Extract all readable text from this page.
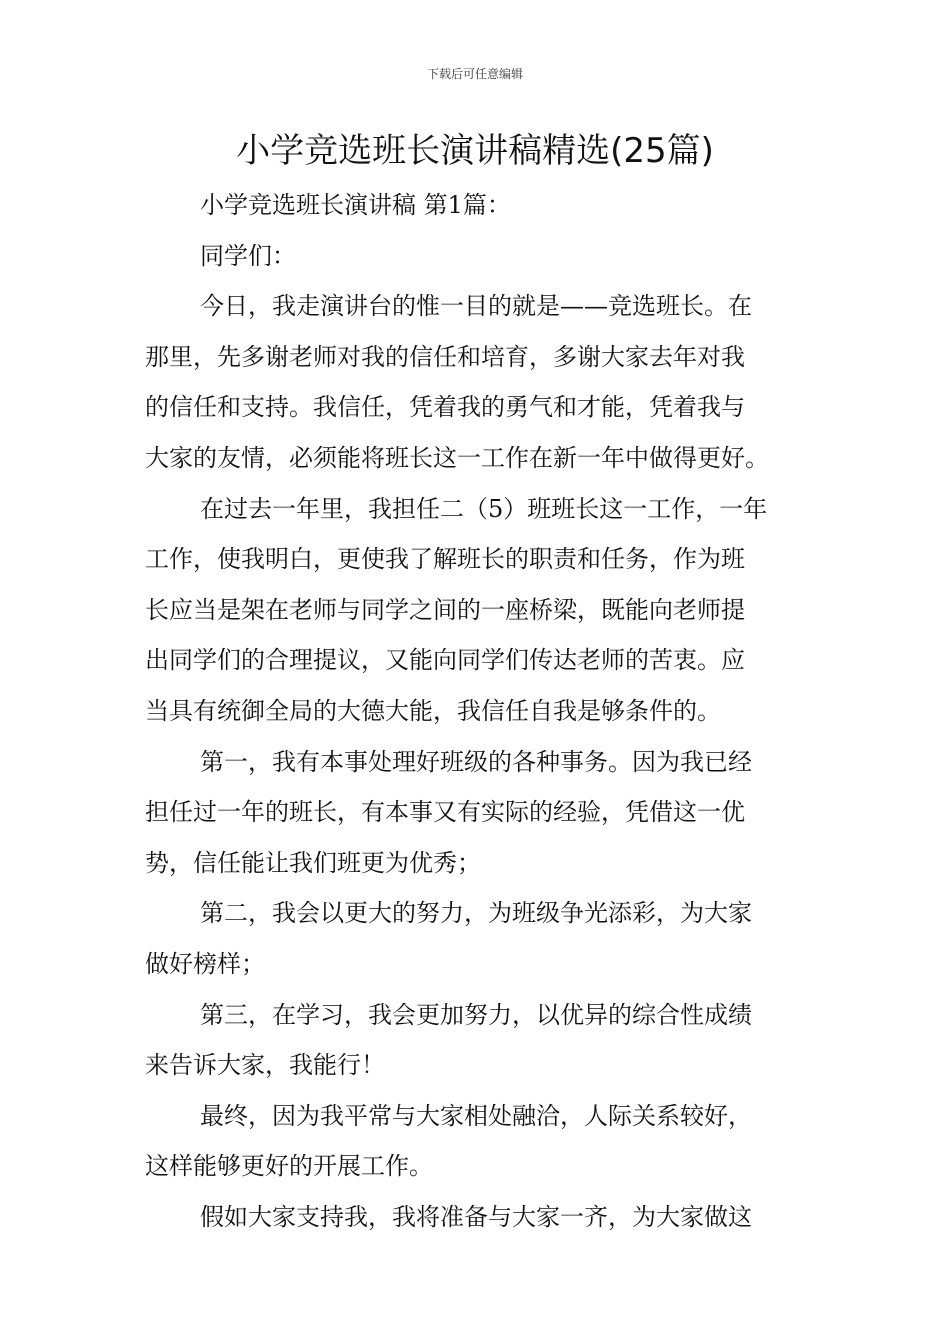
下载后可任意编辑
小学竞选班长演讲稿精选(25篇)
小学竞选班长演讲稿 第1篇：
同学们：
今日，我走演讲台的惟一目的就是——竞选班长。在
那里，先多谢老师对我的信任和培育，多谢大家去年对我
的信任和支持。我信任，凭着我的勇气和才能，凭着我与
大家的友情，必须能将班长这一工作在新一年中做得更好。
在过去一年里，我担任二（5）班班长这一工作，一年
工作，使我明白，更使我了解班长的职责和任务，作为班
长应当是架在老师与同学之间的一座桥梁，既能向老师提
出同学们的合理提议，又能向同学们传达老师的苦衷。应
当具有统御全局的大德大能，我信任自我是够条件的。
第一，我有本事处理好班级的各种事务。因为我已经
担任过一年的班长，有本事又有实际的经验，凭借这一优
势，信任能让我们班更为优秀；
第二，我会以更大的努力，为班级争光添彩，为大家
做好榜样；
第三，在学习，我会更加努力，以优异的综合性成绩
来告诉大家，我能行！
最终，因为我平常与大家相处融洽，人际关系较好，
这样能够更好的开展工作。
假如大家支持我，我将准备与大家一齐，为大家做这
